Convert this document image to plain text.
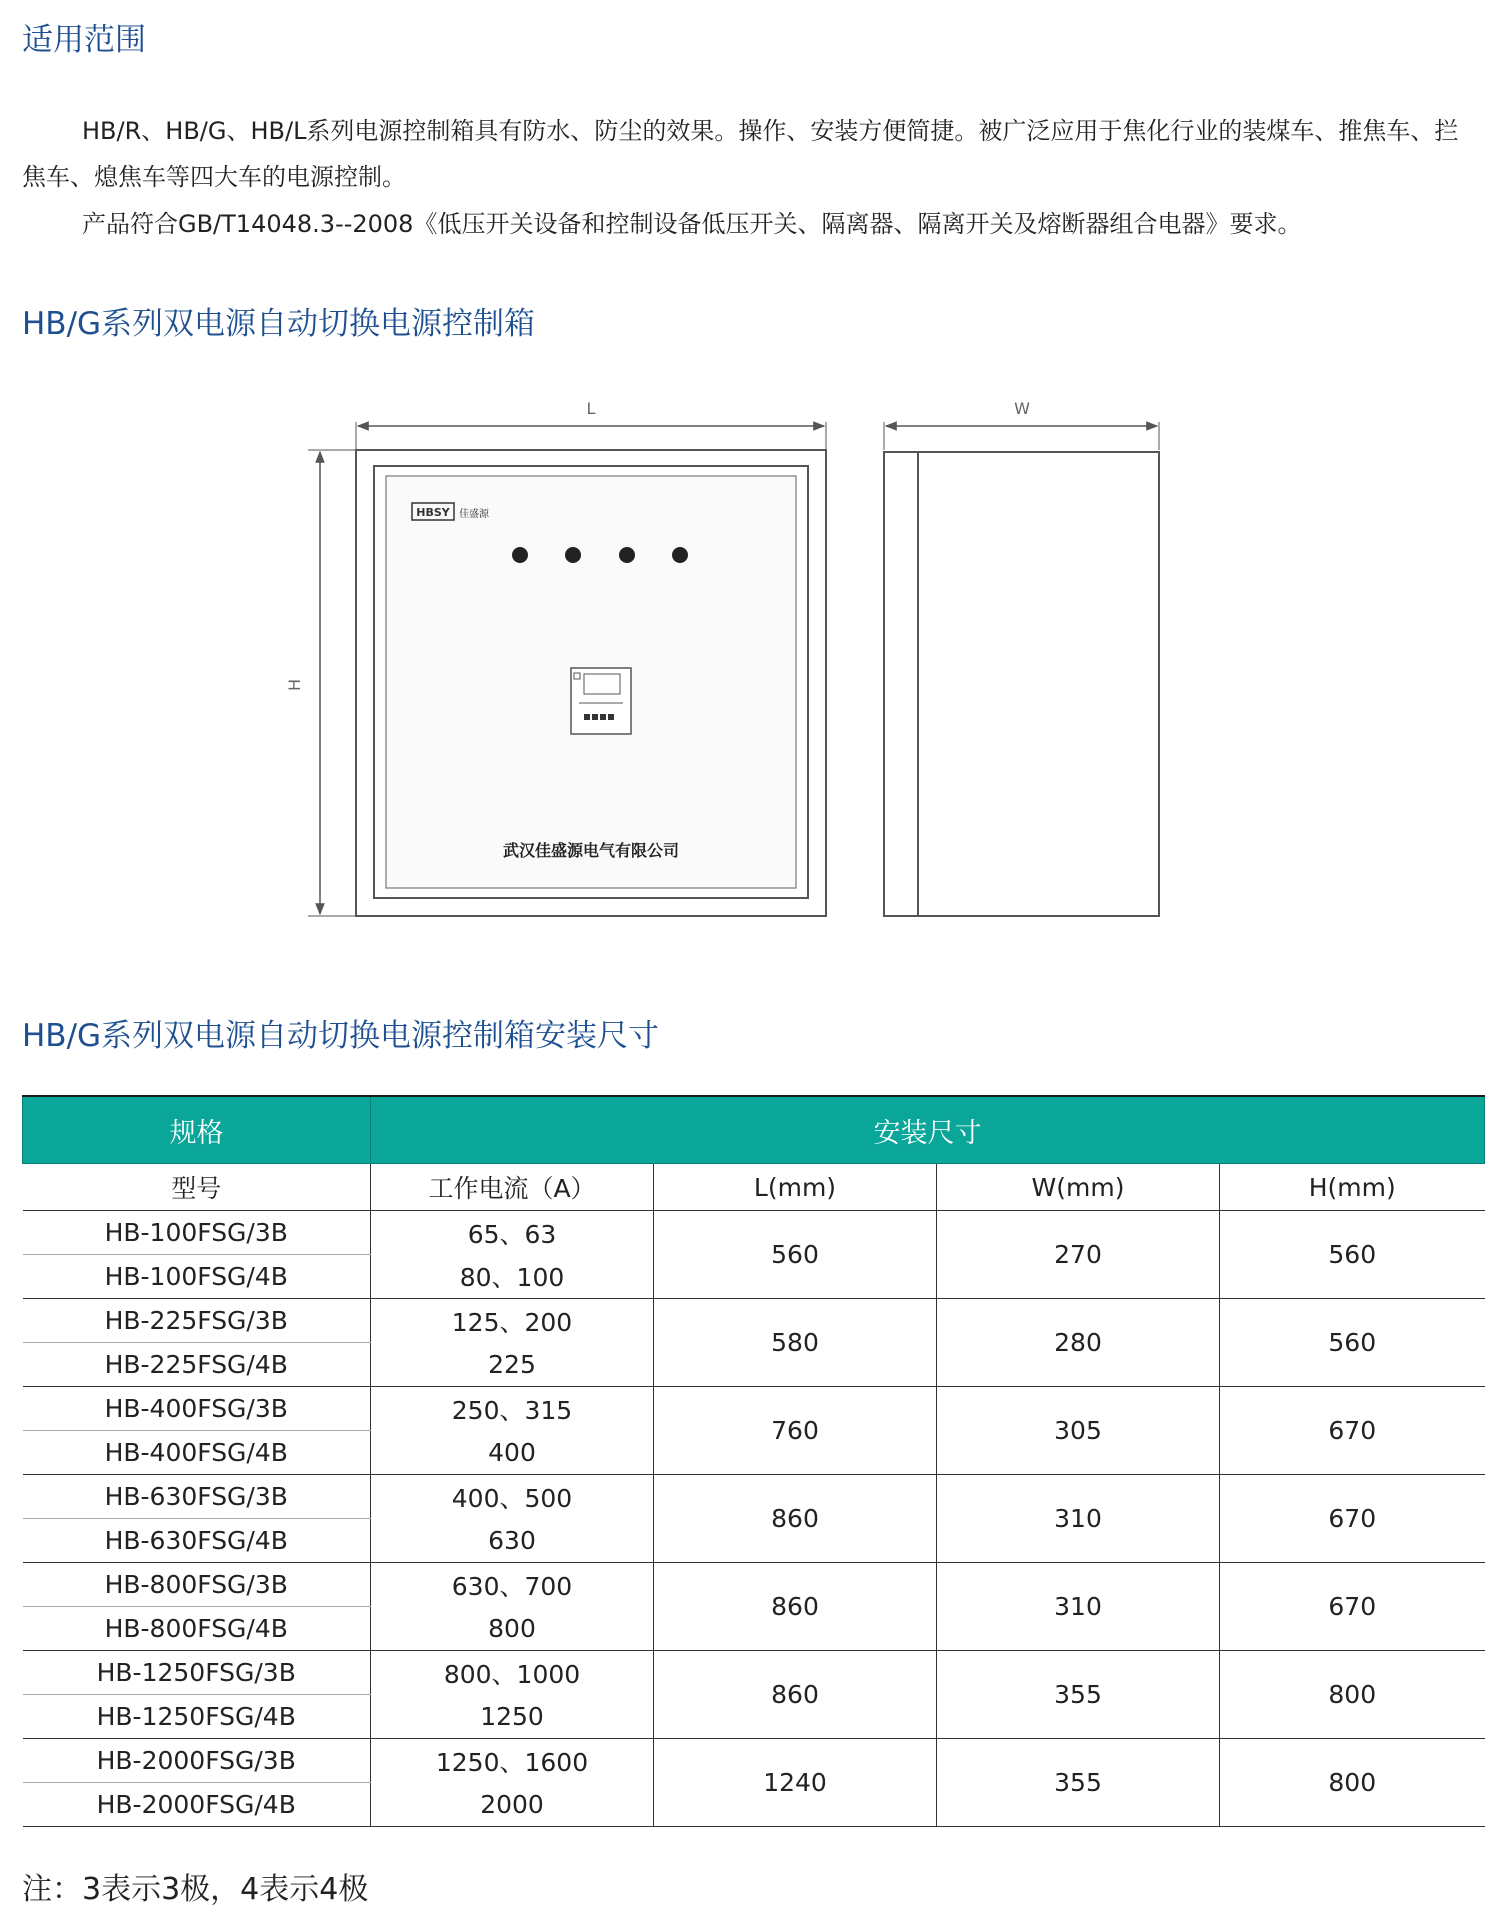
适用范围

HB/R、HB/G、HB/L系列电源控制箱具有防水、防尘的效果。操作、安装方便简捷。被广泛应用于焦化行业的装煤车、推焦车、拦焦车、熄焦车等四大车的电源控制。

产品符合GB/T14048.3--2008《低压开关设备和控制设备低压开关、隔离器、隔离开关及熔断器组合电器》要求。

HB/G系列双电源自动切换电源控制箱
L	W
H
HBSY 佳盛源
武汉佳盛源电气有限公司
HB/G系列双电源自动切换电源控制箱安装尺寸
规格	安装尺寸			
型号	工作电流（A）	L(mm)	W(mm)	H(mm)
HB-100FSG/3B	65、63	560	270	560
HB-100FSG/4B	80、100			
HB-225FSG/3B	125、200	580	280	560
HB-225FSG/4B	225			
HB-400FSG/3B	250、315	760	305	670
HB-400FSG/4B	400			
HB-630FSG/3B	400、500	860	310	670
HB-630FSG/4B	630			
HB-800FSG/3B	630、700	860	310	670
HB-800FSG/4B	800			
HB-1250FSG/3B	800、1000	860	355	800
HB-1250FSG/4B	1250			
HB-2000FSG/3B	1250、1600	1240	355	800
HB-2000FSG/4B	2000			

注：3表示3极，4表示4极
